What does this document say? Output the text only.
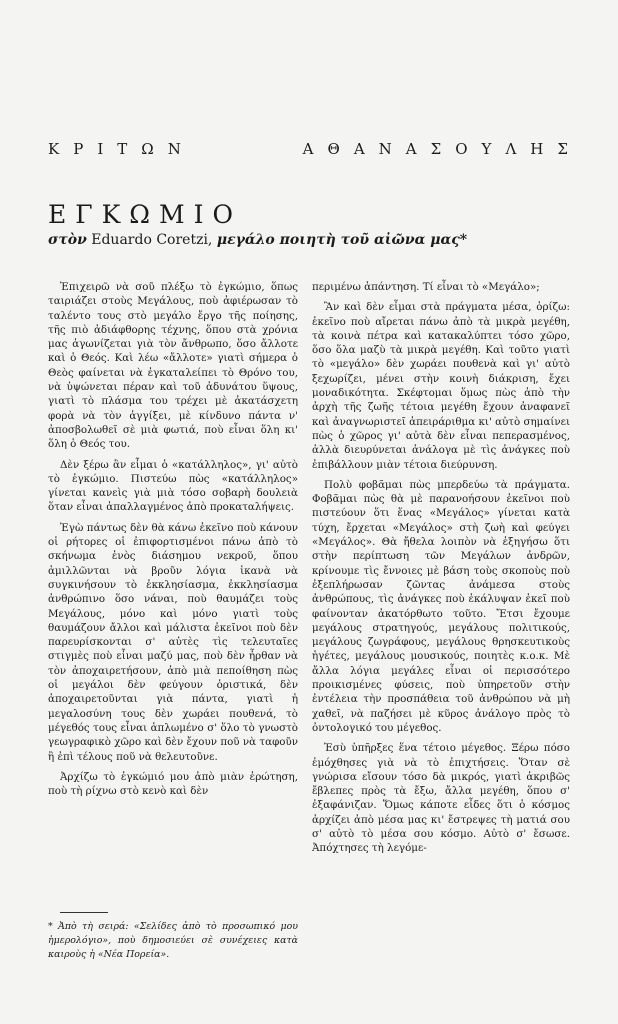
Κ Ρ Ι Τ Ω Ν	Α Θ Α Ν Α Σ Ο Υ Λ Η Σ
ΕΓΚΩΜΙΟ
στὸν Eduardo Coretzi, μεγάλο ποιητὴ τοῦ αἰῶνα μας*

Ἐπιχειρῶ νὰ σοῦ πλέξω τὸ ἐγκώμιο, ὅπως ταιριάζει στοὺς Μεγάλους, ποὺ ἀφιέρωσαν τὸ ταλέντο τους στὸ μεγάλο ἔργο τῆς ποίησης, τῆς πιὸ ἀδιάφθορης τέχνης, ὅπου στὰ χρόνια μας ἀγωνίζεται γιὰ τὸν ἄνθρωπο, ὅσο ἄλλοτε καὶ ὁ Θεός. Καὶ λέω «ἄλλοτε» γιατὶ σήμερα ὁ Θεὸς φαίνεται νὰ ἐγκαταλείπει τὸ Θρόνο του, νὰ ὑψώνεται πέραν καὶ τοῦ ἀδυνάτου ὕψους, γιατὶ τὸ πλάσμα του τρέχει μὲ ἀκατάσχετη φορὰ νὰ τὸν ἀγγίξει, μὲ κίνδυνο πάντα ν' ἀποσβολωθεῖ σὲ μιὰ φωτιά, ποὺ εἶναι ὅλη κι' ὅλη ὁ Θεός του.

Δὲν ξέρω ἂν εἶμαι ὁ «κατάλληλος», γι' αὐτὸ τὸ ἐγκώμιο. Πιστεύω πὼς «κατάλληλος» γίνεται κανεὶς γιὰ μιὰ τόσο σοβαρὴ δουλειὰ ὅταν εἶναι ἀπαλλαγμένος ἀπὸ προκαταλήψεις.

Ἐγὼ πάντως δὲν θὰ κάνω ἐκεῖνο ποὺ κάνουν οἱ ρήτορες οἱ ἐπιφορτισμένοι πάνω ἀπὸ τὸ σκήνωμα ἑνὸς διάσημου νεκροῦ, ὅπου ἁμιλλῶνται νὰ βροῦν λόγια ἱκανὰ νὰ συγκινήσουν τὸ ἐκκλησίασμα, ἐκκλησίασμα ἀνθρώπινο ὅσο νάναι, ποὺ θαυμάζει τοὺς Μεγάλους, μόνο καὶ μόνο γιατὶ τοὺς θαυμάζουν ἄλλοι καὶ μάλιστα ἐκεῖνοι ποὺ δὲν παρευρίσκονται σ' αὐτὲς τὶς τελευταῖες στιγμὲς ποὺ εἶναι μαζύ μας, ποὺ δὲν ἦρθαν νὰ τὸν ἀποχαιρετήσουν, ἀπὸ μιὰ πεποίθηση πὼς οἱ μεγάλοι δὲν φεύγουν ὁριστικά, δὲν ἀποχαιρετοῦνται γιὰ πάντα, γιατὶ ἡ μεγαλοσύνη τους δὲν χωράει πουθενά, τὸ μέγεθός τους εἶναι ἁπλωμένο σ' ὅλο τὸ γνωστὸ γεωγραφικὸ χῶρο καὶ δὲν ἔχουν ποῦ νὰ ταφοῦν ἢ ἐπὶ τέλους ποῦ νὰ θελευτοῦνε.

Ἀρχίζω τὸ ἐγκώμιό μου ἀπὸ μιὰν ἐρώτηση, ποὺ τὴ ρίχνω στὸ κενὸ καὶ δὲν

περιμένω ἀπάντηση. Τί εἶναι τὸ «Μεγάλο»;

Ἂν καὶ δὲν εἶμαι στὰ πράγματα μέσα, ὁρίζω: ἐκεῖνο ποὺ αἴρεται πάνω ἀπὸ τὰ μικρὰ μεγέθη, τὰ κοινὰ πέτρα καὶ κατακαλύπτει τόσο χῶρο, ὅσο ὅλα μαζὺ τὰ μικρὰ μεγέθη. Καὶ τοῦτο γιατὶ τὸ «μεγάλο» δὲν χωράει πουθενὰ καὶ γι' αὐτὸ ξεχωρίζει, μένει στὴν κοινὴ διάκριση, ἔχει μοναδικότητα. Σκέφτομαι ὅμως πὼς ἀπὸ τὴν ἀρχὴ τῆς ζωῆς τέτοια μεγέθη ἔχουν ἀναφανεῖ καὶ ἀναγνωριστεῖ ἀπειράριθμα κι' αὐτὸ σημαίνει πὼς ὁ χῶρος γι' αὐτὰ δὲν εἶναι πεπερασμένος, ἀλλὰ διευρύνεται ἀνάλογα μὲ τὶς ἀνάγκες ποὺ ἐπιβάλλουν μιὰν τέτοια διεύρυνση.

Πολὺ φοβᾶμαι πὼς μπερδεύω τὰ πράγματα. Φοβᾶμαι πὼς θὰ μὲ παρανοήσουν ἐκεῖνοι ποὺ πιστεύουν ὅτι ἕνας «Μεγάλος» γίνεται κατὰ τύχη, ἔρχεται «Μεγάλος» στὴ ζωὴ καὶ φεύγει «Μεγάλος». Θὰ ἤθελα λοιπὸν νὰ ἐξηγήσω ὅτι στὴν περίπτωση τῶν Μεγάλων ἀνδρῶν, κρίνουμε τὶς ἔννοιες μὲ βάση τοὺς σκοποὺς ποὺ ἐξεπλήρωσαν ζῶντας ἀνάμεσα στοὺς ἀνθρώπους, τὶς ἀνάγκες ποὺ ἐκάλυψαν ἐκεῖ ποὺ φαίνονταν ἀκατόρθωτο τοῦτο. Ἔτσι ἔχουμε μεγάλους στρατηγούς, μεγάλους πολιτικούς, μεγάλους ζωγράφους, μεγάλους θρησκευτικοὺς ἡγέτες, μεγάλους μουσικούς, ποιητὲς κ.ο.κ. Μὲ ἄλλα λόγια μεγάλες εἶναι οἱ περισσότερο προικισμένες φύσεις, ποὺ ὑπηρετοῦν στὴν ἐντέλεια τὴν προσπάθεια τοῦ ἀνθρώπου νὰ μὴ χαθεῖ, νὰ παζήσει μὲ κῦρος ἀνάλογο πρὸς τὸ ὀντολογικό του μέγεθος.

Ἐσὺ ὑπῆρξες ἕνα τέτοιο μέγεθος. Ξέρω πόσο ἐμόχθησες γιὰ νὰ τὸ ἐπιχτήσεις. Ὅταν σὲ γνώρισα εἴσουν τόσο δὰ μικρός, γιατὶ ἀκριβῶς ἔβλεπες πρὸς τὰ ἔξω, ἄλλα μεγέθη, ὅπου σ' ἐξαφάνιζαν. Ὅμως κάποτε εἶδες ὅτι ὁ κόσμος ἀρχίζει ἀπὸ μέσα μας κι' ἔστρεψες τὴ ματιά σου σ' αὐτὸ τὸ μέσα σου κόσμο. Αὐτὸ σ' ἔσωσε. Ἀπόχτησες τὴ λεγόμε-

* Ἀπὸ τὴ σειρά: «Σελίδες ἀπὸ τὸ προσωπικό μου ἡμερολόγιο», ποὺ δημοσιεύει σὲ συνέχειες κατὰ καιροὺς ἡ «Νέα Πορεία».
